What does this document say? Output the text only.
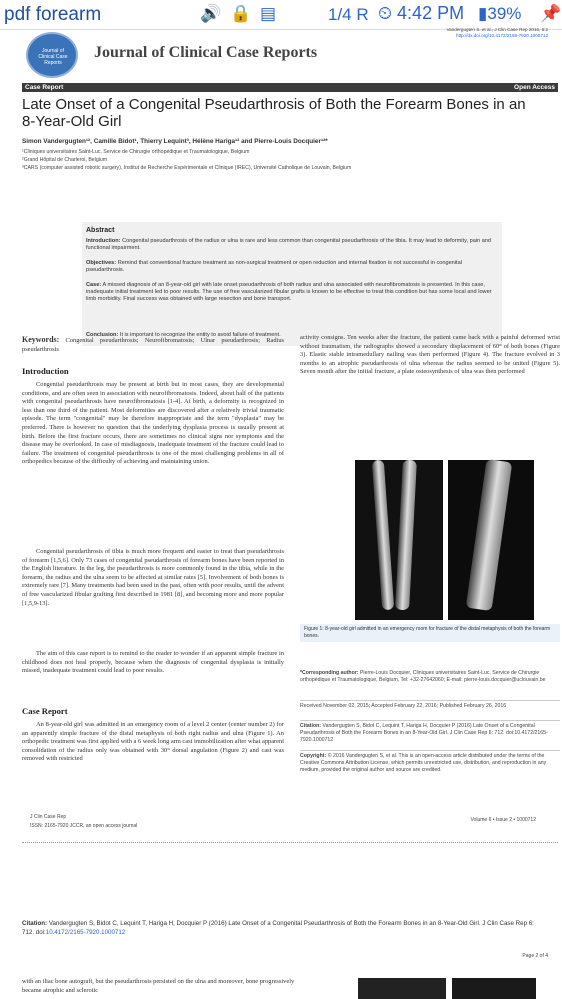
pdf forearm	🔊 🔒 ▤	1/4 R ⏲ 4:42 PM ▮39% 📌
Journal of Clinical Case Reports
Journal of Clinical Case Reports
Vandergugten S. et al., J Clin Case Rep 2016, 6:2
http://dx.doi.org/10.4172/2165-7920.1000712
Case Report	Open Access
Late Onset of a Congenital Pseudarthrosis of Both the Forearm Bones in an 8-Year-Old Girl
Simon Vandergugten¹², Camille Bidot¹, Thierry Lequint³, Hélène Hariga¹² and Pierre-Louis Docquier¹²*
¹Cliniques universitaires Saint-Luc, Service de Chirurgie orthopédique et Traumatologique, Belgium
²Grand Hôpital de Charleroi, Belgium
³CARS (computer assisted robotic surgery), Institut de Recherche Expérimentale et Clinique (IREC), Université Catholique de Louvain, Belgium
Abstract
Introduction: Congenital pseudarthrosis of the radius or ulna is rare and less common than congenital pseudarthrosis of the tibia. It may lead to deformity, pain and functional impairment.
Objectives: Remind that conventional fracture treatment as non-surgical treatment or open reduction and internal fixation is not successful in congenital pseudarthrosis.
Case: A missed diagnosis of an 8-year-old girl with late onset pseudarthrosis of both radius and ulna associated with neurofibromatosis is presented. In this case, inadequate initial treatment led to poor results. The use of free vascularized fibular grafts is known to be effective to treat this condition but has some local and lower limb morbidity. Final success was obtained with large resection and bone transport.
Conclusion: It is important to recognize the entity to avoid failure of treatment.
Keywords: Congenital pseudarthrosis; Neurofibromatosis; Ulnar pseudarthrosis; Radius pseudarthrosis
Introduction
Congenital pseudarthrosis may be present at birth but in most cases, they are developmental conditions, and are often seen in association with neurofibromatosis. Indeed, about half of the patients with congenital pseudarthrosis have neurofibromatosis [1-4]. At birth, a deformity is recognized in less than one third of the patient. Most deformities are discovered after a relatively trivial traumatic episode. The term "congenital" may be therefore inappropriate and the term "dysplasia" may be preferred. There is however no question that the underlying dysplasia process is usually present at birth. Before the first fracture occurs, there are sometimes no clinical signs nor symptoms and the disease may be overlooked. In case of misdiagnosis, inadequate treatment of the fracture could lead to failure. The treatment of congenital pseudarthrosis is one of the most challenging problems in all of orthopedics because of the difficulty of achieving and maintaining union.
Congenital pseudarthrosis of tibia is much more frequent and easier to treat than pseudarthrosis of forearm [1,5,6]. Only 73 cases of congenital pseudarthrosis of forearm bones have been reported in the English literature. In the leg, the pseudarthrosis is more commonly found in the tibia, while in the forearm, the radius and the ulna seem to be affected at similar rates [5]. Involvement of both bones is extremely rare [7]. Many treatments had been used in the past, often with poor results, until the advent of free vascularized fibular grafting first described in 1981 [8], and becoming more and more popular [1,5,9-13].
The aim of this case report is to remind to the reader to wonder if an apparent simple fracture in childhood does not heal properly, because when the diagnosis of congenital dysplasia is initially missed, inadequate treatment could lead to poor results.
Case Report
An 8-year-old girl was admitted in an emergency room of a level 2 center (center number 2) for an apparently simple fracture of the distal metaphysis of both right radius and ulna (Figure 1). An orthopedic treatment was first applied with a 6 week long arm cast immobilization after what apparent consolidation of the radius only was obtained with 30° dorsal angulation (Figure 2) and cast was removed with restricted
activity consigns. Ten weeks after the fracture, the patient came back with a painful deformed wrist without traumatism, the radiographs showed a secondary displacement of 60° of both bones (Figure 3). Elastic stable intramedullary nailing was then performed (Figure 4). The fracture evolved in 3 months to an atrophic pseudarthrosis of ulna whereas the radius seemed to be united (Figure 5). Seven month after the initial fracture, a plate osteosynthesis of ulna was then performed
Figure 1: 8-year-old girl admitted in an emergency room for fracture of the distal metaphysis of both the forearm bones.
*Corresponding author: Pierre-Louis Docquier, Cliniques universitaires Saint-Luc, Service de Chirurgie orthopédique et Traumatologique, Belgium, Tel: +32-27642060; E-mail: pierre-louis.docquier@uclouvain.be
Received November 02, 2015; Accepted February 22, 2016; Published February 26, 2016
Citation: Vandergugten S, Bidot C, Lequint T, Hariga H, Docquier P (2016) Late Onset of a Congenital Pseudarthrosis of Both the Forearm Bones in an 8-Year-Old Girl. J Clin Case Rep 6: 712. doi:10.4172/2165-7920.1000712
Copyright: © 2016 Vandergugten S, et al. This is an open-access article distributed under the terms of the Creative Commons Attribution License, which permits unrestricted use, distribution, and reproduction in any medium, provided the original author and source are credited.
J Clin Case Rep
ISSN: 2165-7920 JCCR, an open access journal
Volume 6 • Issue 2 • 1000712
Citation: Vandergugten S, Bidot C, Lequint T, Hariga H, Docquier P (2016) Late Onset of a Congenital Pseudarthrosis of Both the Forearm Bones in an 8-Year-Old Girl. J Clin Case Rep 6: 712. doi:10.4172/2165-7920.1000712
Page 2 of 4
with an iliac bone autograft, but the pseudarthrosis persisted on the ulna and moreover, bone progressively became atrophic and sclerotic
